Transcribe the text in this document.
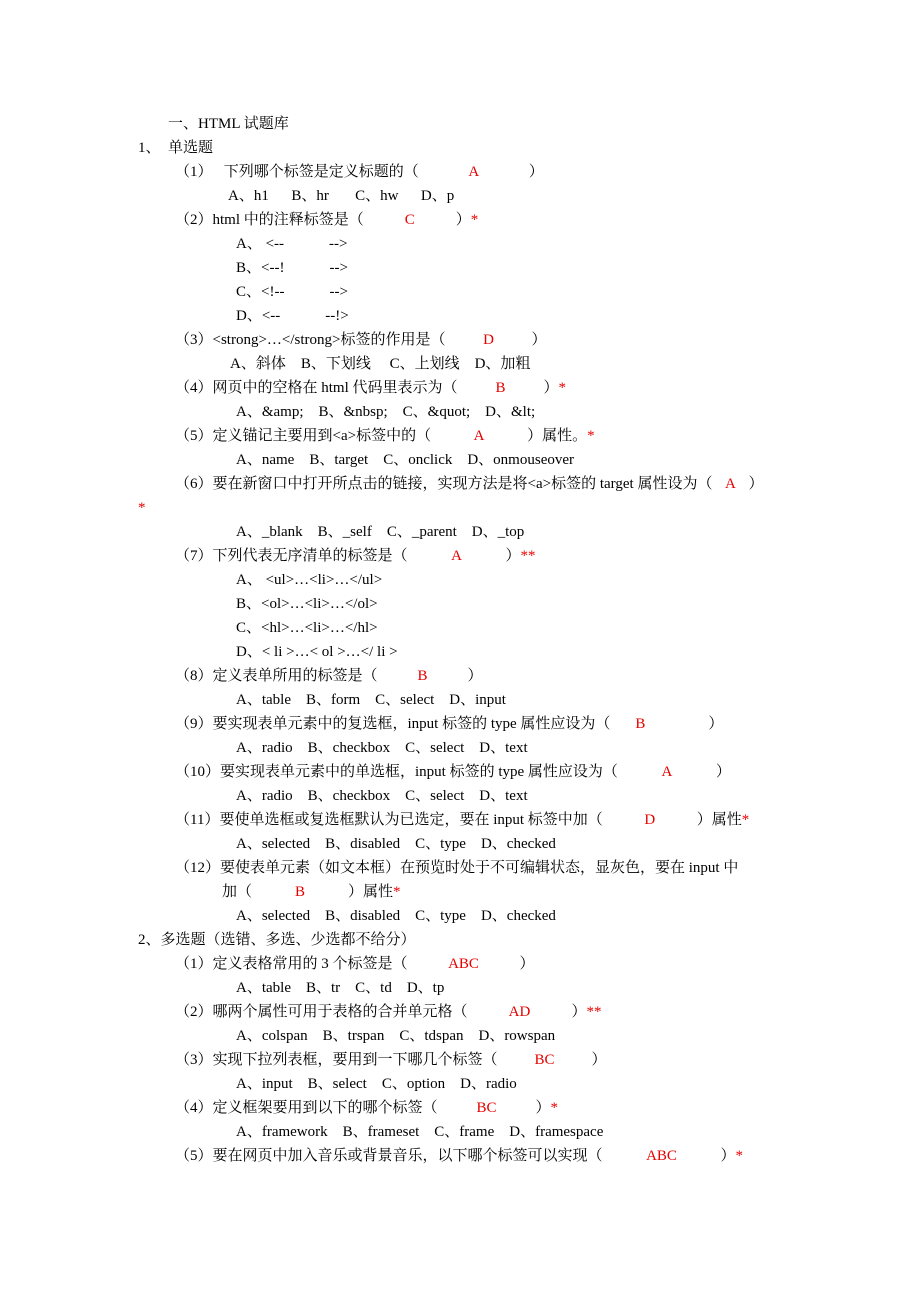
一、HTML 试题库
1、  单选题
（1）   下列哪个标签是定义标题的（	A	）
A、h1      B、hr       C、hw      D、p
（2）html 中的注释标签是（	C	）*
A、 <--            -->
B、<--!            -->
C、<!--            -->
D、<--            --!>
（3）<strong>…</strong>标签的作用是（	D	）
A、斜体    B、下划线     C、上划线    D、加粗
（4）网页中的空格在 html 代码里表示为（	B	）*
A、&amp;    B、&nbsp;    C、&quot;    D、&lt;
（5）定义锚记主要用到<a>标签中的（	A	）属性。*
A、name    B、target    C、onclick    D、onmouseover
（6）要在新窗口中打开所点击的链接，实现方法是将<a>标签的 target 属性设为（ A ）
*
A、_blank    B、_self    C、_parent    D、_top
（7）下列代表无序清单的标签是（	A	）**
A、 <ul>…<li>…</ul>
B、<ol>…<li>…</ol>
C、<hl>…<li>…</hl>
D、< li >…< ol >…</ li >
（8）定义表单所用的标签是（	B	）
A、table    B、form    C、select    D、input
（9）要实现表单元素中的复选框，input 标签的 type 属性应设为（ B	）
A、radio    B、checkbox    C、select    D、text
（10）要实现表单元素中的单选框，input 标签的 type 属性应设为（	A	）
A、radio    B、checkbox    C、select    D、text
（11）要使单选框或复选框默认为已选定，要在 input 标签中加（	D	）属性*
A、selected    B、disabled    C、type    D、checked
（12）要使表单元素（如文本框）在预览时处于不可编辑状态，显灰色，要在 input 中
加（	B	）属性*
A、selected    B、disabled    C、type    D、checked
2、多选题（选错、多选、少选都不给分）
（1）定义表格常用的 3 个标签是（	ABC	）
A、table    B、tr    C、td    D、tp
（2）哪两个属性可用于表格的合并单元格（	AD	）**
A、colspan    B、trspan    C、tdspan    D、rowspan
（3）实现下拉列表框，要用到一下哪几个标签（ BC ）
A、input    B、select    C、option    D、radio
（4）定义框架要用到以下的哪个标签（	BC	）*
A、framework    B、frameset    C、frame    D、framespace
（5）要在网页中加入音乐或背景音乐，以下哪个标签可以实现（	ABC	）*
